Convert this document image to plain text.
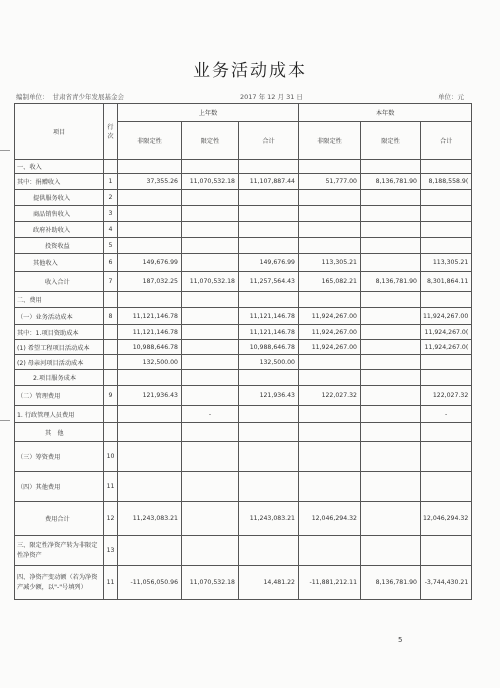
业务活动成本
编制单位： 甘肃省青少年发展基金会	2017 年 12 月 31 日	单位：元
项目	行次	上年数			本年数		
		非限定性	限定性	合计	非限定性	限定性	合计
一、收入							
其中：捐赠收入	1	37,355.26	11,070,532.18	11,107,887.44	51,777.00	8,136,781.90	8,188,558.9(
提供服务收入	2						
商品销售收入	3						
政府补助收入	4						
投资收益	5						
其他收入	6	149,676.99		149,676.99	113,305.21		113,305.21
收入合计	7	187,032.25	11,070,532.18	11,257,564.43	165,082.21	8,136,781.90	8,301,864.11
二、费用							
（一）业务活动成本	8	11,121,146.78		11,121,146.78	11,924,267.00		11,924,267.00
其中：1.项目资助成本		11,121,146.78		11,121,146.78	11,924,267.00		11,924,267.0(
(1) 希望工程项目活动成本		10,988,646.78		10,988,646.78	11,924,267.00		11,924,267.0(
(2) 母亲河项目活动成本		132,500.00		132,500.00			
2.项目服务成本							
（二）管理费用	9	121,936.43		121,936.43	122,027.32		122,027.32
1. 行政管理人员费用			-				-
其　他							
（三）筹资费用	10						
（四）其他费用	11						
费用合计	12	11,243,083.21		11,243,083.21	12,046,294.32		12,046,294.32
三、限定性净资产转为非限定性净资产	13						
四、净资产变动额（若为净资产减少额，以"-"号填列）	11	-11,056,050.96	11,070,532.18	14,481.22	-11,881,212.11	8,136,781.90	-3,744,430.21
5
